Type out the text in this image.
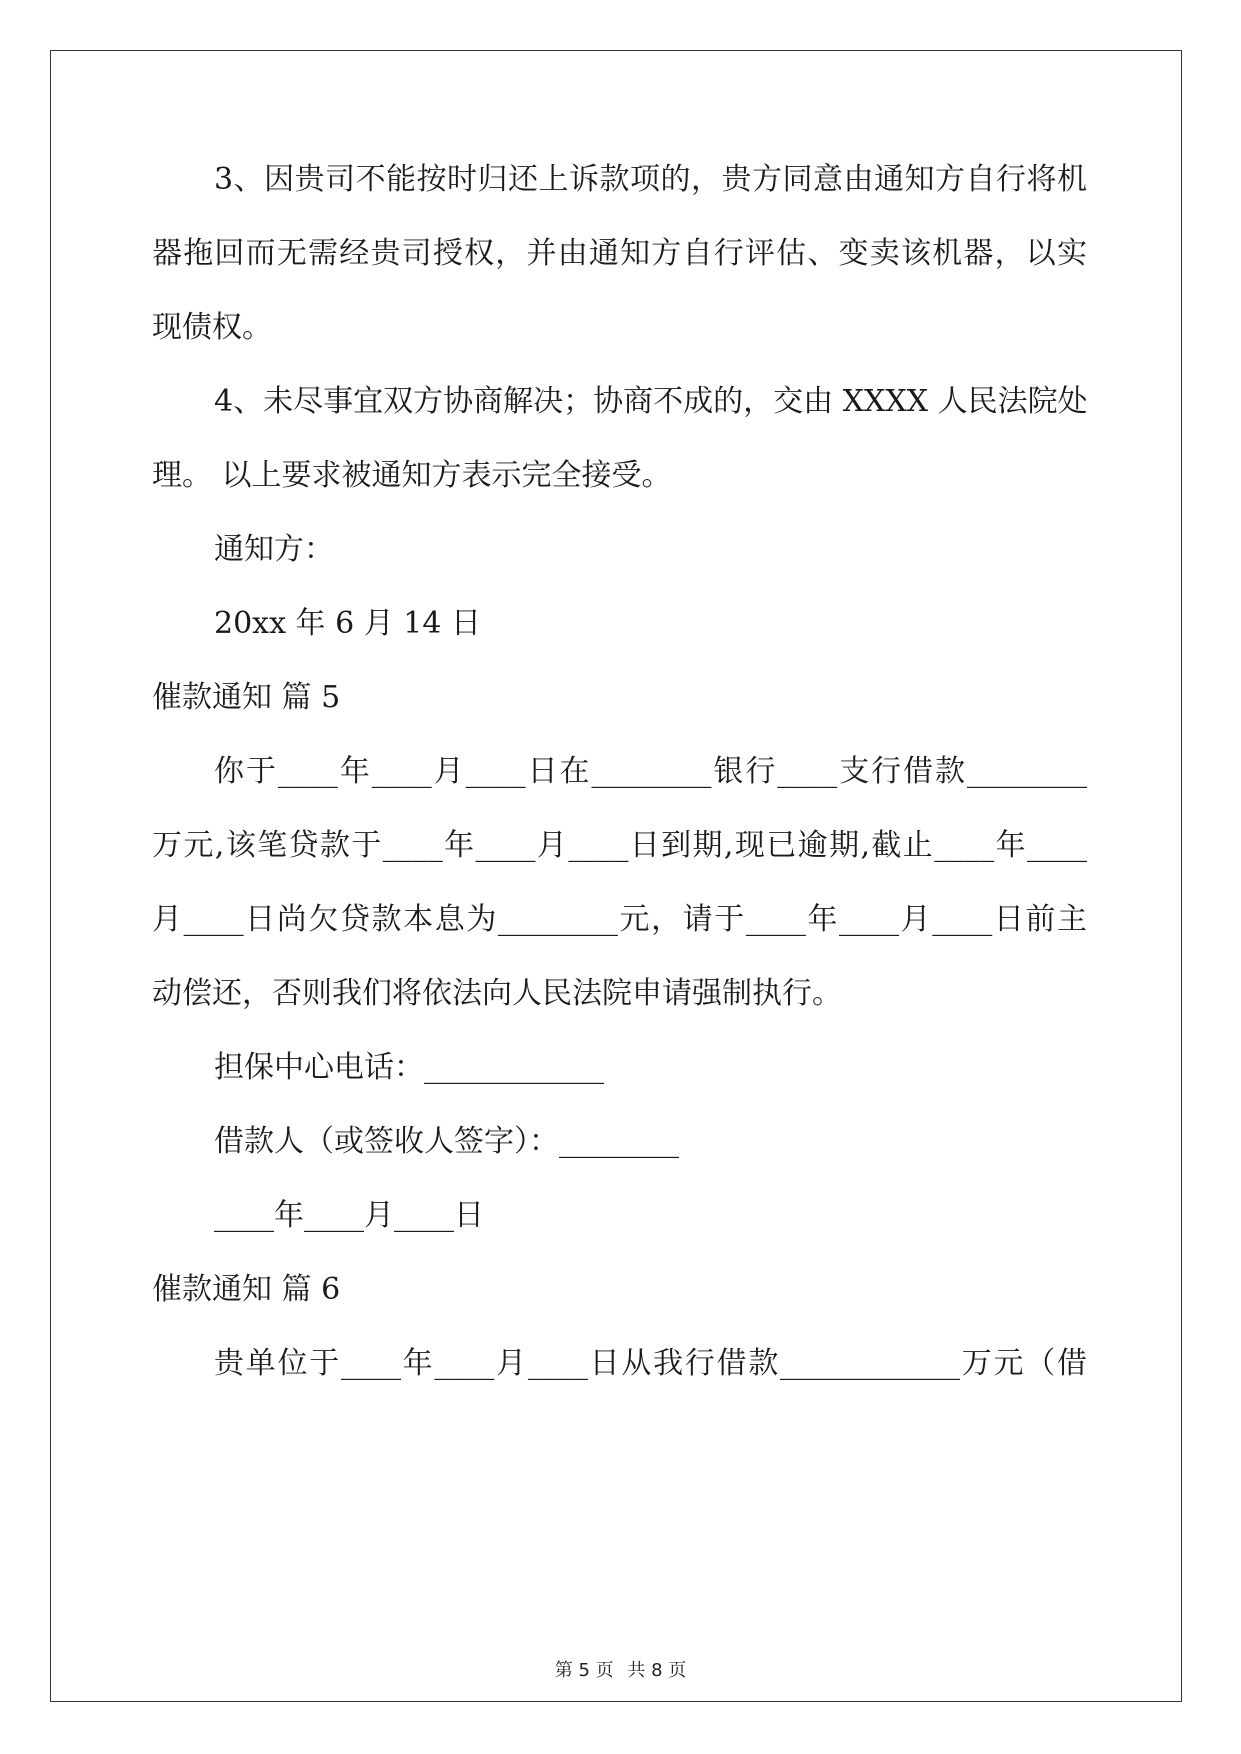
3、因贵司不能按时归还上诉款项的，贵方同意由通知方自行将机
器拖回而无需经贵司授权，并由通知方自行评估、变卖该机器，以实
现债权。
4、未尽事宜双方协商解决；协商不成的，交由 XXXX 人民法院处
理。 以上要求被通知方表示完全接受。
通知方：
20xx 年 6 月 14 日
催款通知 篇 5
你于____年____月____日在________银行____支行借款________
万元,该笔贷款于____年____月____日到期,现已逾期,截止____年____
月____日尚欠贷款本息为________元，请于____年____月____日前主
动偿还，否则我们将依法向人民法院申请强制执行。
担保中心电话：____________
借款人（或签收人签字）：________
____年____月____日
催款通知 篇 6
贵单位于____年____月____日从我行借款____________万元（借
第 5 页 共 8 页
